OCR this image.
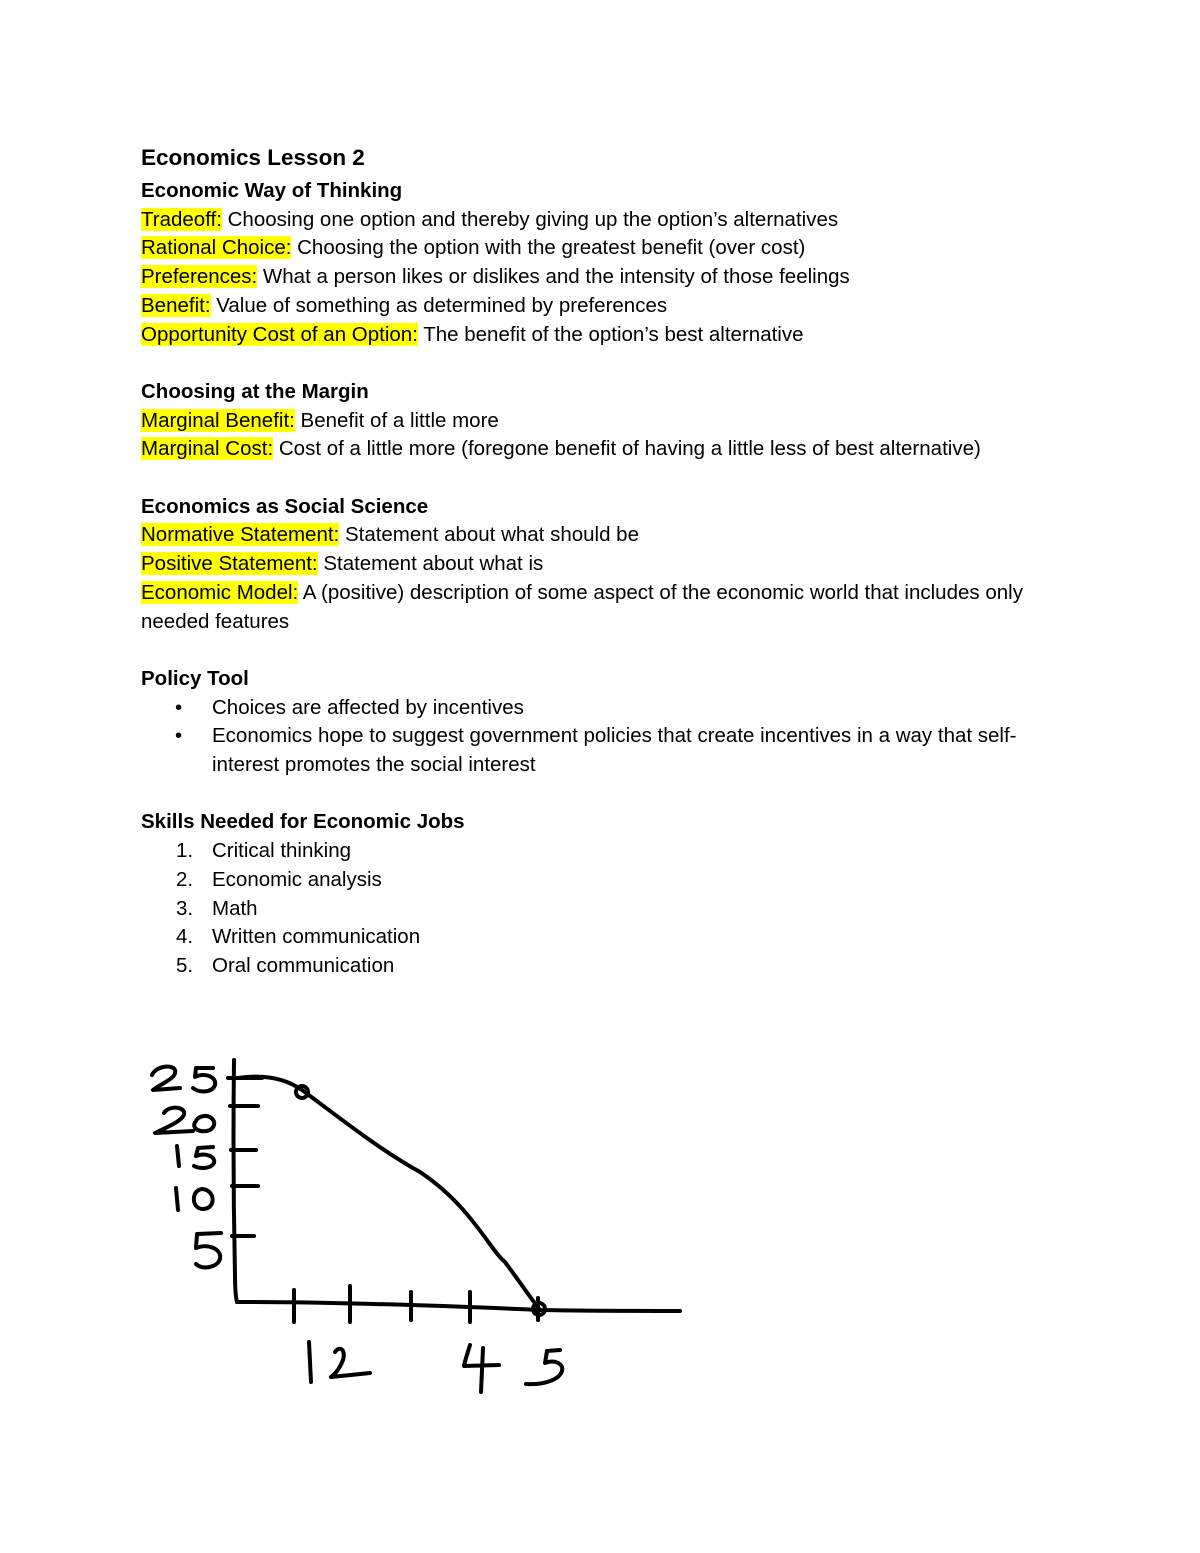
Economics Lesson 2
Economic Way of Thinking
Tradeoff: Choosing one option and thereby giving up the option’s alternatives
Rational Choice: Choosing the option with the greatest benefit (over cost)
Preferences: What a person likes or dislikes and the intensity of those feelings
Benefit: Value of something as determined by preferences
Opportunity Cost of an Option: The benefit of the option’s best alternative
Choosing at the Margin
Marginal Benefit: Benefit of a little more
Marginal Cost: Cost of a little more (foregone benefit of having a little less of best alternative)
Economics as Social Science
Normative Statement: Statement about what should be
Positive Statement: Statement about what is
Economic Model: A (positive) description of some aspect of the economic world that includes only needed features
Policy Tool
• Choices are affected by incentives
• Economics hope to suggest government policies that create incentives in a way that self-interest promotes the social interest
Skills Needed for Economic Jobs
1. Critical thinking
2. Economic analysis
3. Math
4. Written communication
5. Oral communication
